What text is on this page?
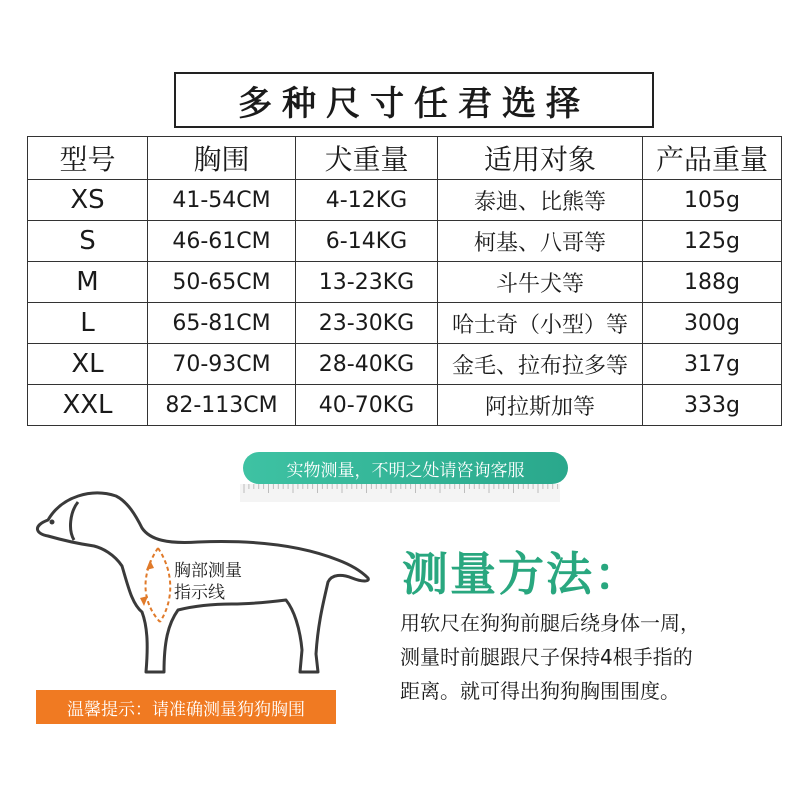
多种尺寸任君选择
型号	胸围	犬重量	适用对象	产品重量
XS	41-54CM	4-12KG	泰迪、比熊等	105g
S	46-61CM	6-14KG	柯基、八哥等	125g
M	50-65CM	13-23KG	斗牛犬等	188g
L	65-81CM	23-30KG	哈士奇（小型）等	300g
XL	70-93CM	28-40KG	金毛、拉布拉多等	317g
XXL	82-113CM	40-70KG	阿拉斯加等	333g
实物测量，不明之处请咨询客服
胸部测量
指示线	测量方法：
用软尺在狗狗前腿后绕身体一周，
测量时前腿跟尺子保持4根手指的
距离。就可得出狗狗胸围围度。
温馨提示：请准确测量狗狗胸围
